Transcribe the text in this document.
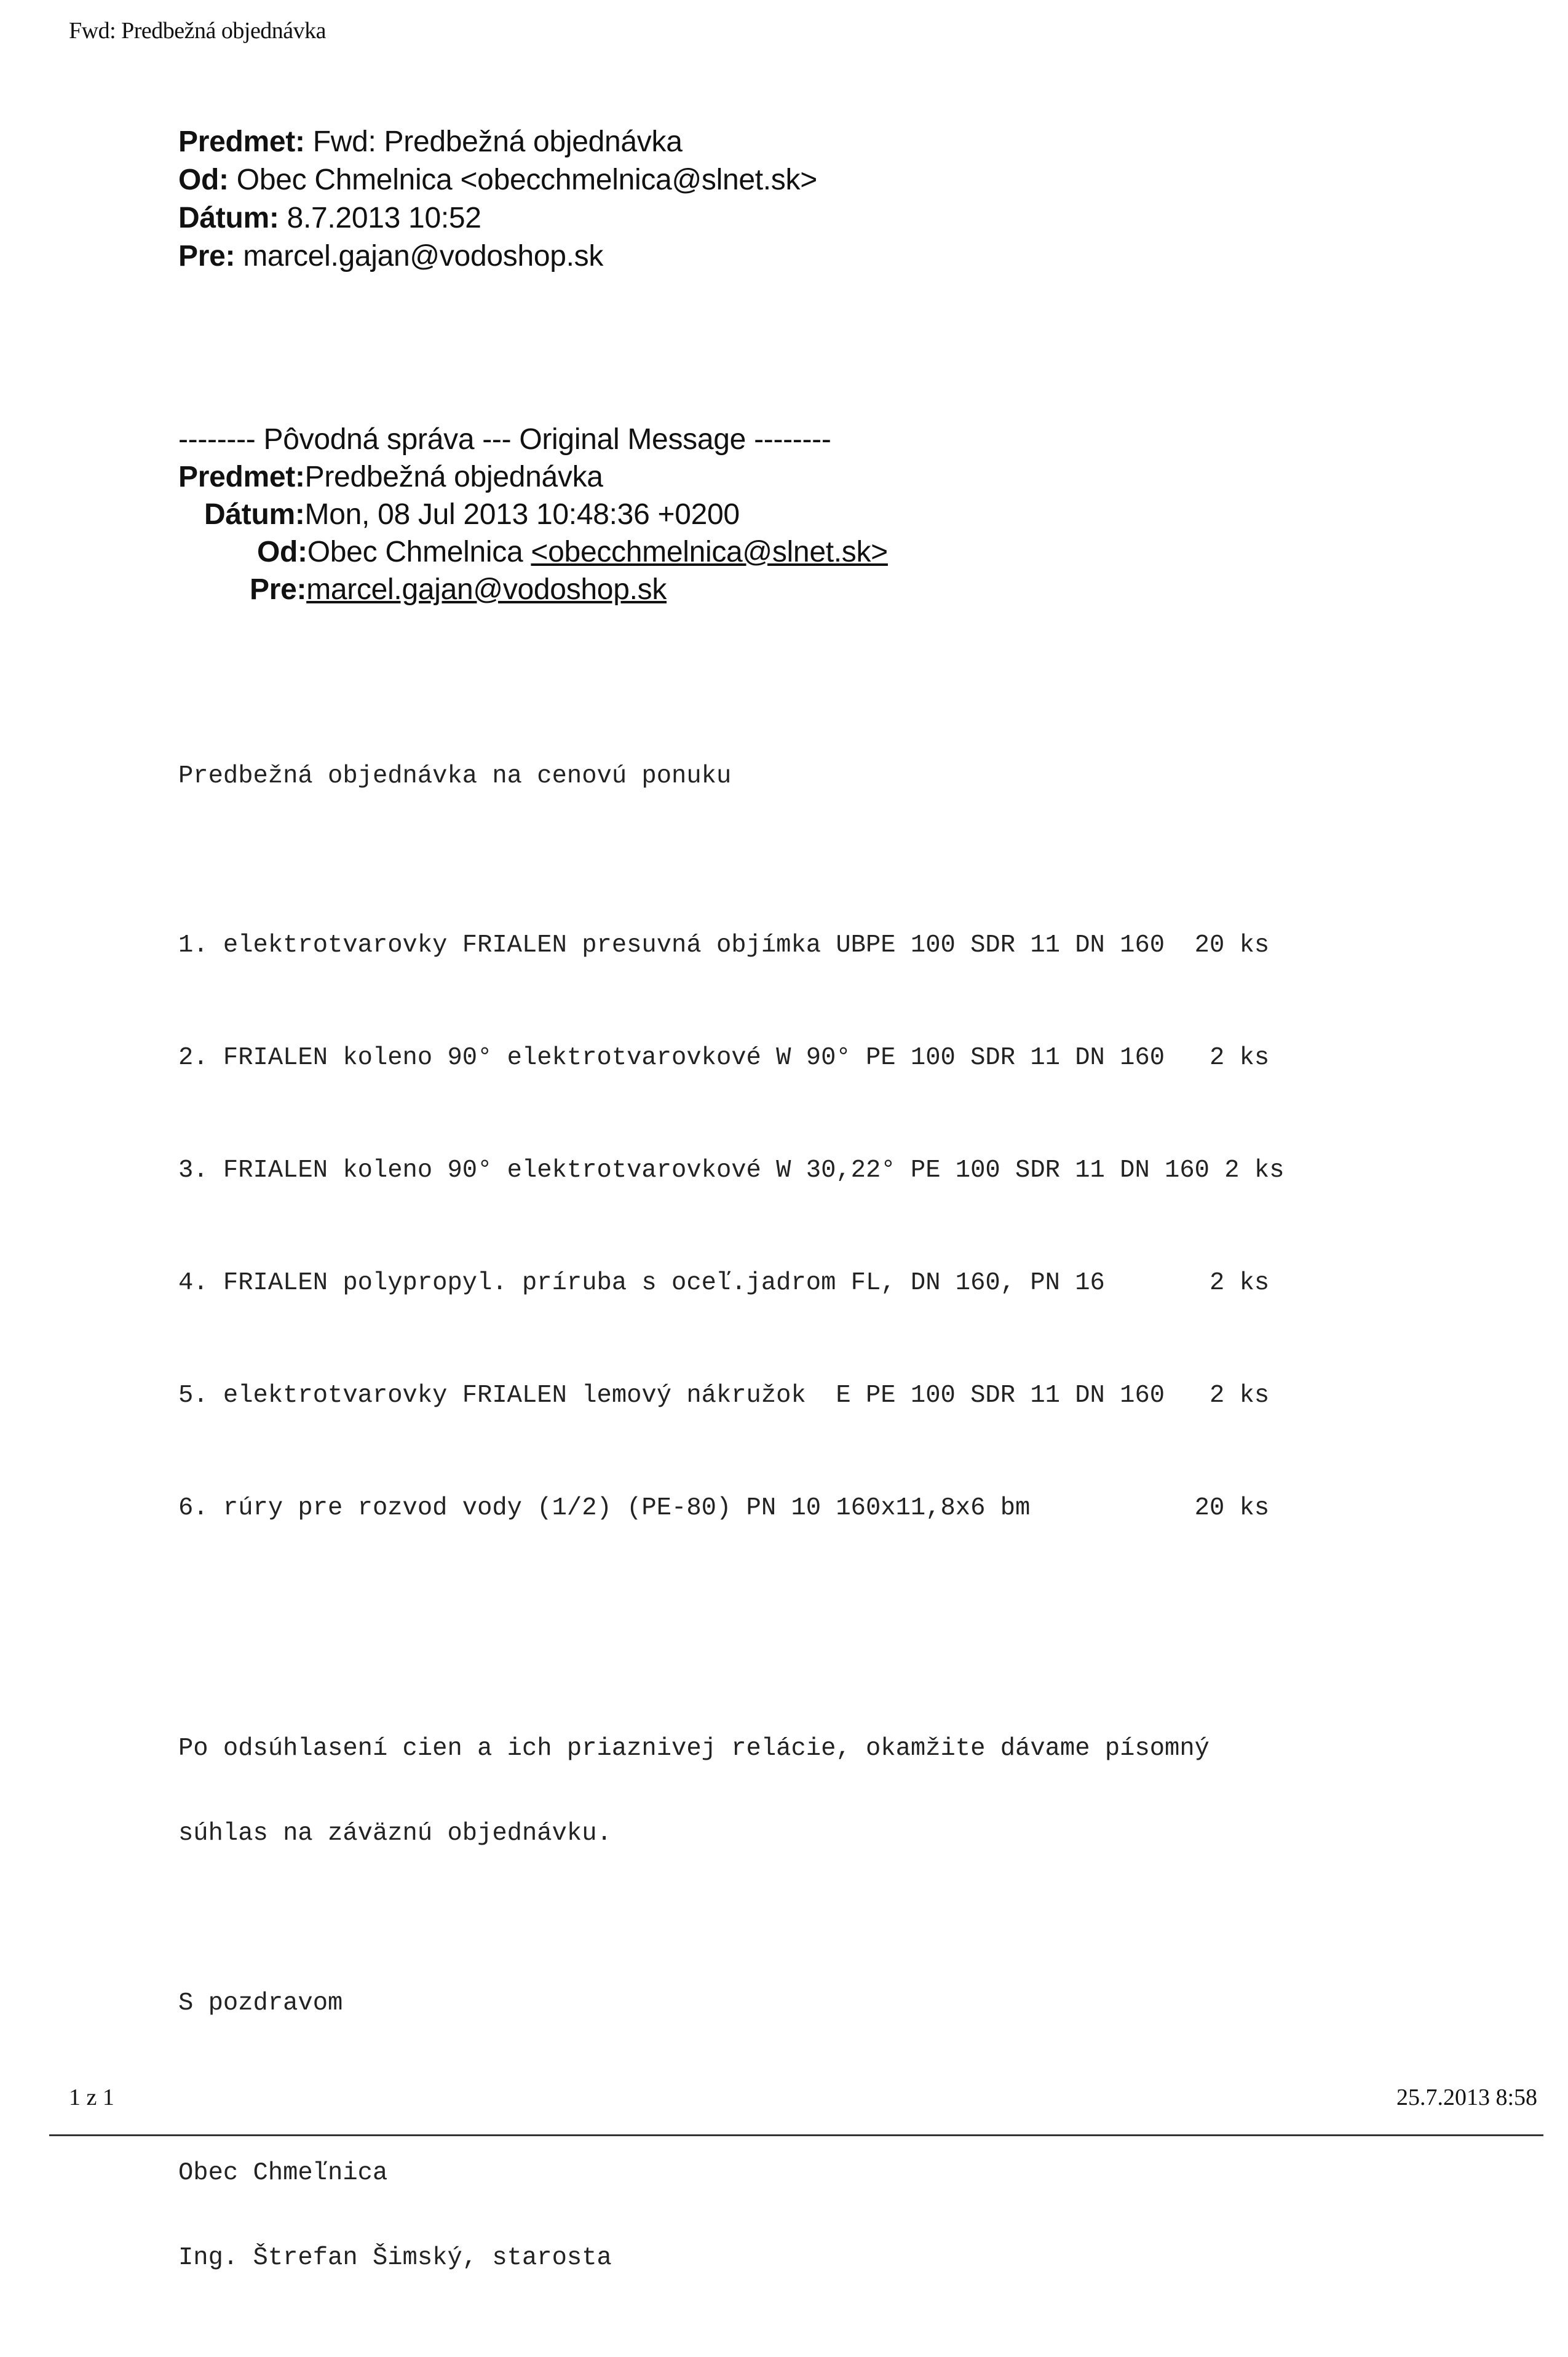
Fwd: Predbežná objednávka
Predmet: Fwd: Predbežná objednávka
Od: Obec Chmelnica <obecchmelnica@slnet.sk>
Dátum: 8.7.2013 10:52
Pre: marcel.gajan@vodoshop.sk
-------- Pôvodná správa --- Original Message --------
Predmet:Predbežná objednávka
Dátum:Mon, 08 Jul 2013 10:48:36 +0200
Od:Obec Chmelnica <obecchmelnica@slnet.sk>
Pre:marcel.gajan@vodoshop.sk

Predbežná objednávka na cenovú ponuku

1. elektrotvarovky FRIALEN presuvná objímka UBPE 100 SDR 11 DN 160  20 ks

2. FRIALEN koleno 90° elektrotvarovkové W 90° PE 100 SDR 11 DN 160   2 ks

3. FRIALEN koleno 90° elektrotvarovkové W 30,22° PE 100 SDR 11 DN 160 2 ks

4. FRIALEN polypropyl. príruba s oceľ.jadrom FL, DN 160, PN 16       2 ks

5. elektrotvarovky FRIALEN lemový nákružok  E PE 100 SDR 11 DN 160   2 ks

6. rúry pre rozvod vody (1/2) (PE-80) PN 10 160x11,8x6 bm           20 ks

Po odsúhlasení cien a ich priaznivej relácie, okamžite dávame písomný

súhlas na záväznú objednávku.

S pozdravom

Obec Chmeľnica

Ing. Štrefan Šimský, starosta

1 z 1	25.7.2013 8:58
